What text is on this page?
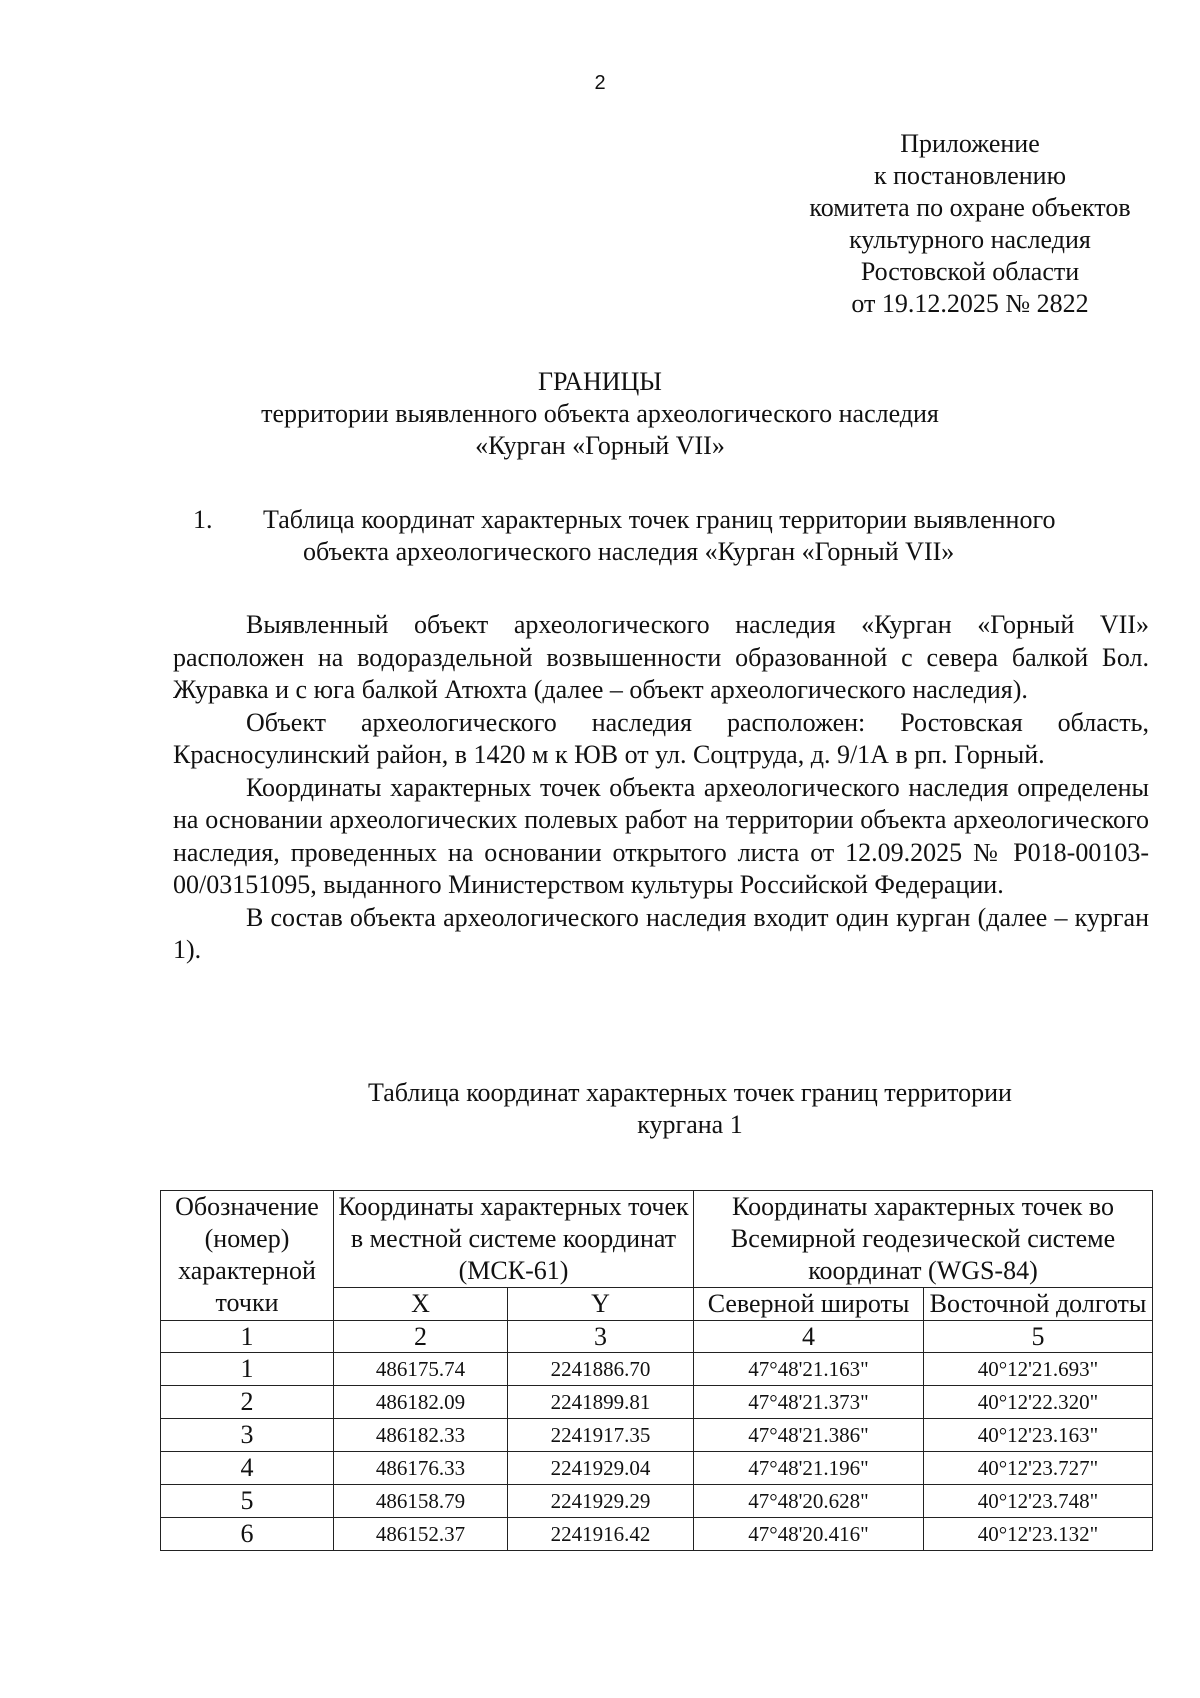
2
Приложение
к постановлению
комитета по охране объектов
культурного наследия
Ростовской области
от 19.12.2025 № 2822
ГРАНИЦЫ
территории выявленного объекта археологического наследия
«Курган «Горный VII»
1. Таблица координат характерных точек границ территории выявленного
объекта археологического наследия «Курган «Горный VII»

Выявленный объект археологического наследия «Курган «Горный VII» расположен на водораздельной возвышенности образованной с севера балкой Бол. Журавка и с юга балкой Атюхта (далее – объект археологического наследия).

Объект археологического наследия расположен: Ростовская область, Красносулинский район, в 1420 м к ЮВ от ул. Соцтруда, д. 9/1А в рп. Горный.

Координаты характерных точек объекта археологического наследия определены на основании археологических полевых работ на территории объекта археологического наследия, проведенных на основании открытого листа от 12.09.2025 № Р018-00103-00/03151095, выданного Министерством культуры Российской Федерации.

В состав объекта археологического наследия входит один курган (далее – курган 1).

Таблица координат характерных точек границ территории
кургана 1
Обозначение (номер) характерной точки	Координаты характерных точек в местной системе координат (МСК-61)		Координаты характерных точек во Всемирной геодезической системе координат (WGS-84)	
	X	Y	Северной широты	Восточной долготы
1	2	3	4	5
1	486175.74	2241886.70	47°48'21.163"	40°12'21.693"
2	486182.09	2241899.81	47°48'21.373"	40°12'22.320"
3	486182.33	2241917.35	47°48'21.386"	40°12'23.163"
4	486176.33	2241929.04	47°48'21.196"	40°12'23.727"
5	486158.79	2241929.29	47°48'20.628"	40°12'23.748"
6	486152.37	2241916.42	47°48'20.416"	40°12'23.132"
